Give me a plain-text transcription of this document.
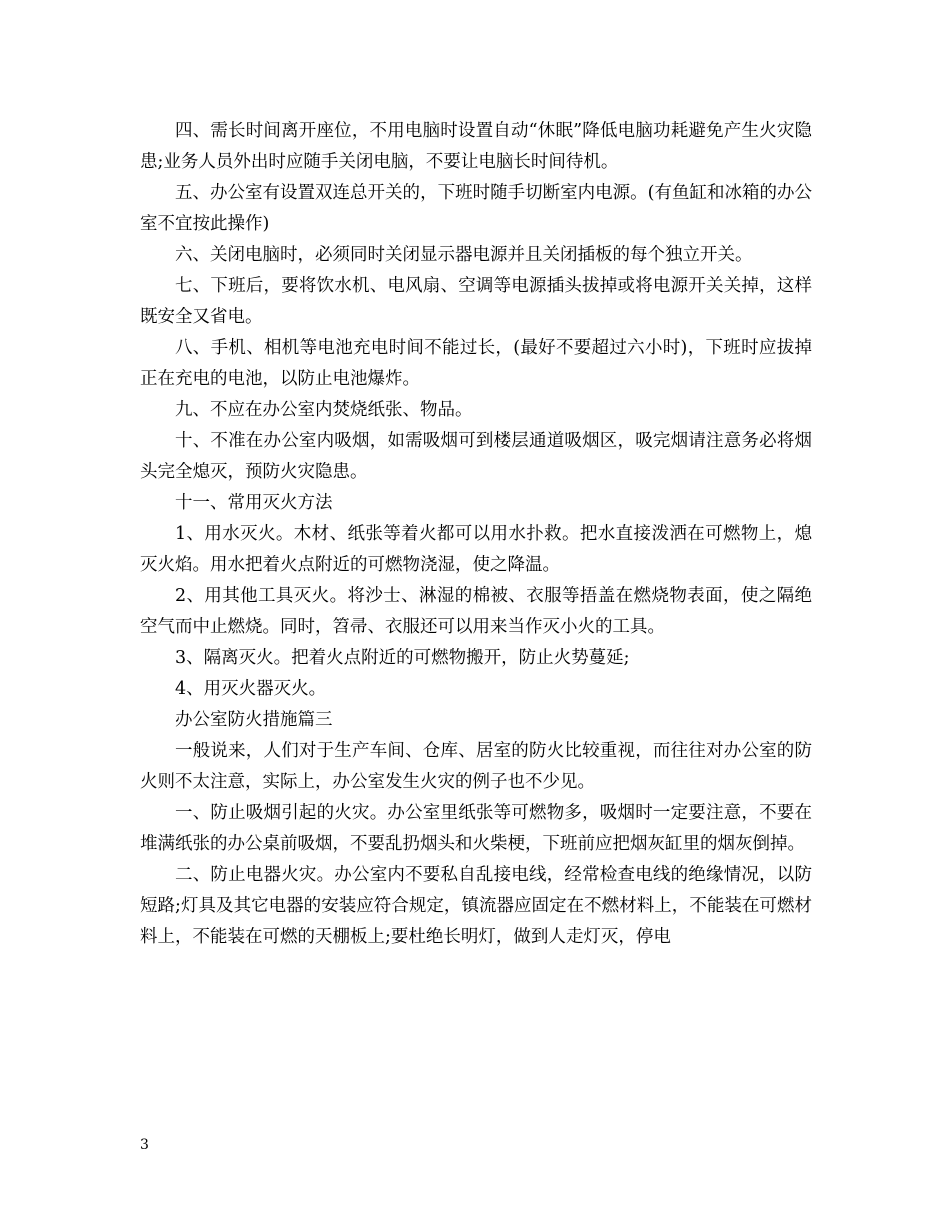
四、需长时间离开座位，不用电脑时设置自动“休眠”降低电脑功耗避免产生火灾隐患;业务人员外出时应随手关闭电脑，不要让电脑长时间待机。

五、办公室有设置双连总开关的，下班时随手切断室内电源。(有鱼缸和冰箱的办公室不宜按此操作)

六、关闭电脑时，必须同时关闭显示器电源并且关闭插板的每个独立开关。

七、下班后，要将饮水机、电风扇、空调等电源插头拔掉或将电源开关关掉，这样既安全又省电。

八、手机、相机等电池充电时间不能过长，(最好不要超过六小时)，下班时应拔掉正在充电的电池，以防止电池爆炸。

九、不应在办公室内焚烧纸张、物品。

十、不准在办公室内吸烟，如需吸烟可到楼层通道吸烟区，吸完烟请注意务必将烟头完全熄灭，预防火灾隐患。

十一、常用灭火方法

1、用水灭火。木材、纸张等着火都可以用水扑救。把水直接泼洒在可燃物上，熄灭火焰。用水把着火点附近的可燃物浇湿，使之降温。

2、用其他工具灭火。将沙士、淋湿的棉被、衣服等捂盖在燃烧物表面，使之隔绝空气而中止燃烧。同时，笤帚、衣服还可以用来当作灭小火的工具。

3、隔离灭火。把着火点附近的可燃物搬开，防止火势蔓延;

4、用灭火器灭火。

办公室防火措施篇三

一般说来，人们对于生产车间、仓库、居室的防火比较重视，而往往对办公室的防火则不太注意，实际上，办公室发生火灾的例子也不少见。

一、防止吸烟引起的火灾。办公室里纸张等可燃物多，吸烟时一定要注意，不要在堆满纸张的办公桌前吸烟，不要乱扔烟头和火柴梗，下班前应把烟灰缸里的烟灰倒掉。

二、防止电器火灾。办公室内不要私自乱接电线，经常检查电线的绝缘情况，以防短路;灯具及其它电器的安装应符合规定，镇流器应固定在不燃材料上，不能装在可燃材料上，不能装在可燃的天棚板上;要杜绝长明灯，做到人走灯灭，停电

3
